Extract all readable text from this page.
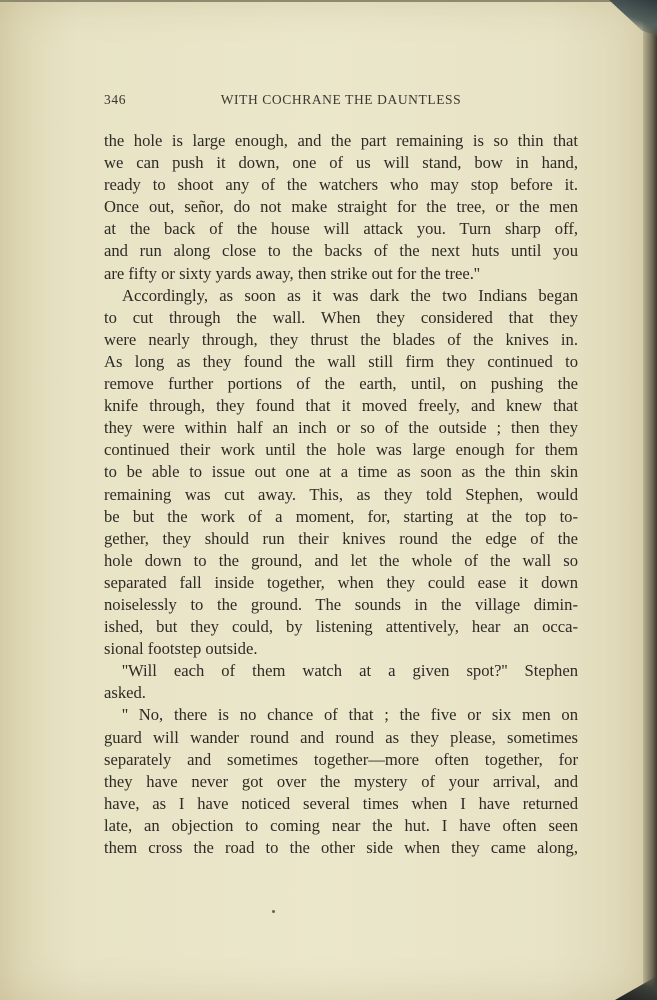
346	WITH COCHRANE THE DAUNTLESS
the hole is large enough, and the part remaining is so thin that
we can push it down, one of us will stand, bow in hand,
ready to shoot any of the watchers who may stop before it.
Once out, señor, do not make straight for the tree, or the men
at the back of the house will attack you. Turn sharp off,
and run along close to the backs of the next huts until you
are fifty or sixty yards away, then strike out for the tree.''
Accordingly, as soon as it was dark the two Indians began
to cut through the wall. When they considered that they
were nearly through, they thrust the blades of the knives in.
As long as they found the wall still firm they continued to
remove further portions of the earth, until, on pushing the
knife through, they found that it moved freely, and knew that
they were within half an inch or so of the outside ; then they
continued their work until the hole was large enough for them
to be able to issue out one at a time as soon as the thin skin
remaining was cut away. This, as they told Stephen, would
be but the work of a moment, for, starting at the top to-
gether, they should run their knives round the edge of the
hole down to the ground, and let the whole of the wall so
separated fall inside together, when they could ease it down
noiselessly to the ground. The sounds in the village dimin-
ished, but they could, by listening attentively, hear an occa-
sional footstep outside.
''Will each of them watch at a given spot?'' Stephen
asked.
'' No, there is no chance of that ; the five or six men on
guard will wander round and round as they please, sometimes
separately and sometimes together—more often together, for
they have never got over the mystery of your arrival, and
have, as I have noticed several times when I have returned
late, an objection to coming near the hut. I have often seen
them cross the road to the other side when they came along,
